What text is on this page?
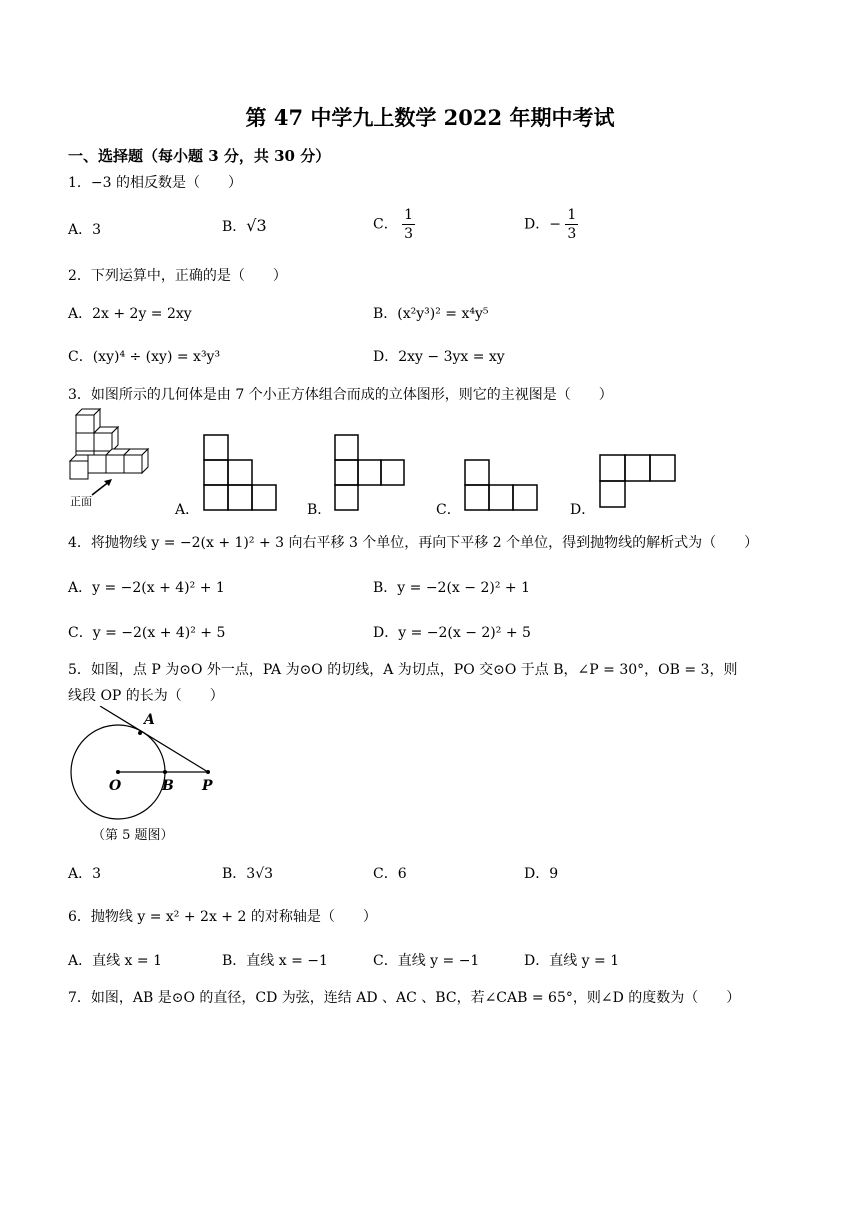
第 47 中学九上数学 2022 年期中考试
一、选择题（每小题 3 分，共 30 分）
1．−3 的相反数是（　　）
A．3	B．√3	C． $\frac{1}{3}$	D．− $\frac{1}{3}$
2．下列运算中，正确的是（　　）
A．2x + 2y = 2xy	B．(x²y³)² = x⁴y⁵
C．(xy)⁴ ÷ (xy) = x³y³	D．2xy − 3yx = xy
3．如图所示的几何体是由 7 个小正方体组合而成的立体图形，则它的主视图是（　　）
正面
A．	B．	C．	D．
4．将抛物线 y = −2(x + 1)² + 3 向右平移 3 个单位，再向下平移 2 个单位，得到抛物线的解析式为（　　）
A．y = −2(x + 4)² + 1	B．y = −2(x − 2)² + 1
C．y = −2(x + 4)² + 5	D．y = −2(x − 2)² + 5
5．如图，点 P 为⊙O 外一点，PA 为⊙O 的切线，A 为切点，PO 交⊙O 于点 B，∠P = 30°，OB = 3，则
线段 OP 的长为（　　）
A
O	B P
（第 5 题图）
A．3	B．3√3	C．6	D．9
6．抛物线 y = x² + 2x + 2 的对称轴是（　　）
A．直线 x = 1	B．直线 x = −1	C．直线 y = −1	D．直线 y = 1
7．如图，AB 是⊙O 的直径，CD 为弦，连结 AD 、AC 、BC，若∠CAB = 65°，则∠D 的度数为（　　）
